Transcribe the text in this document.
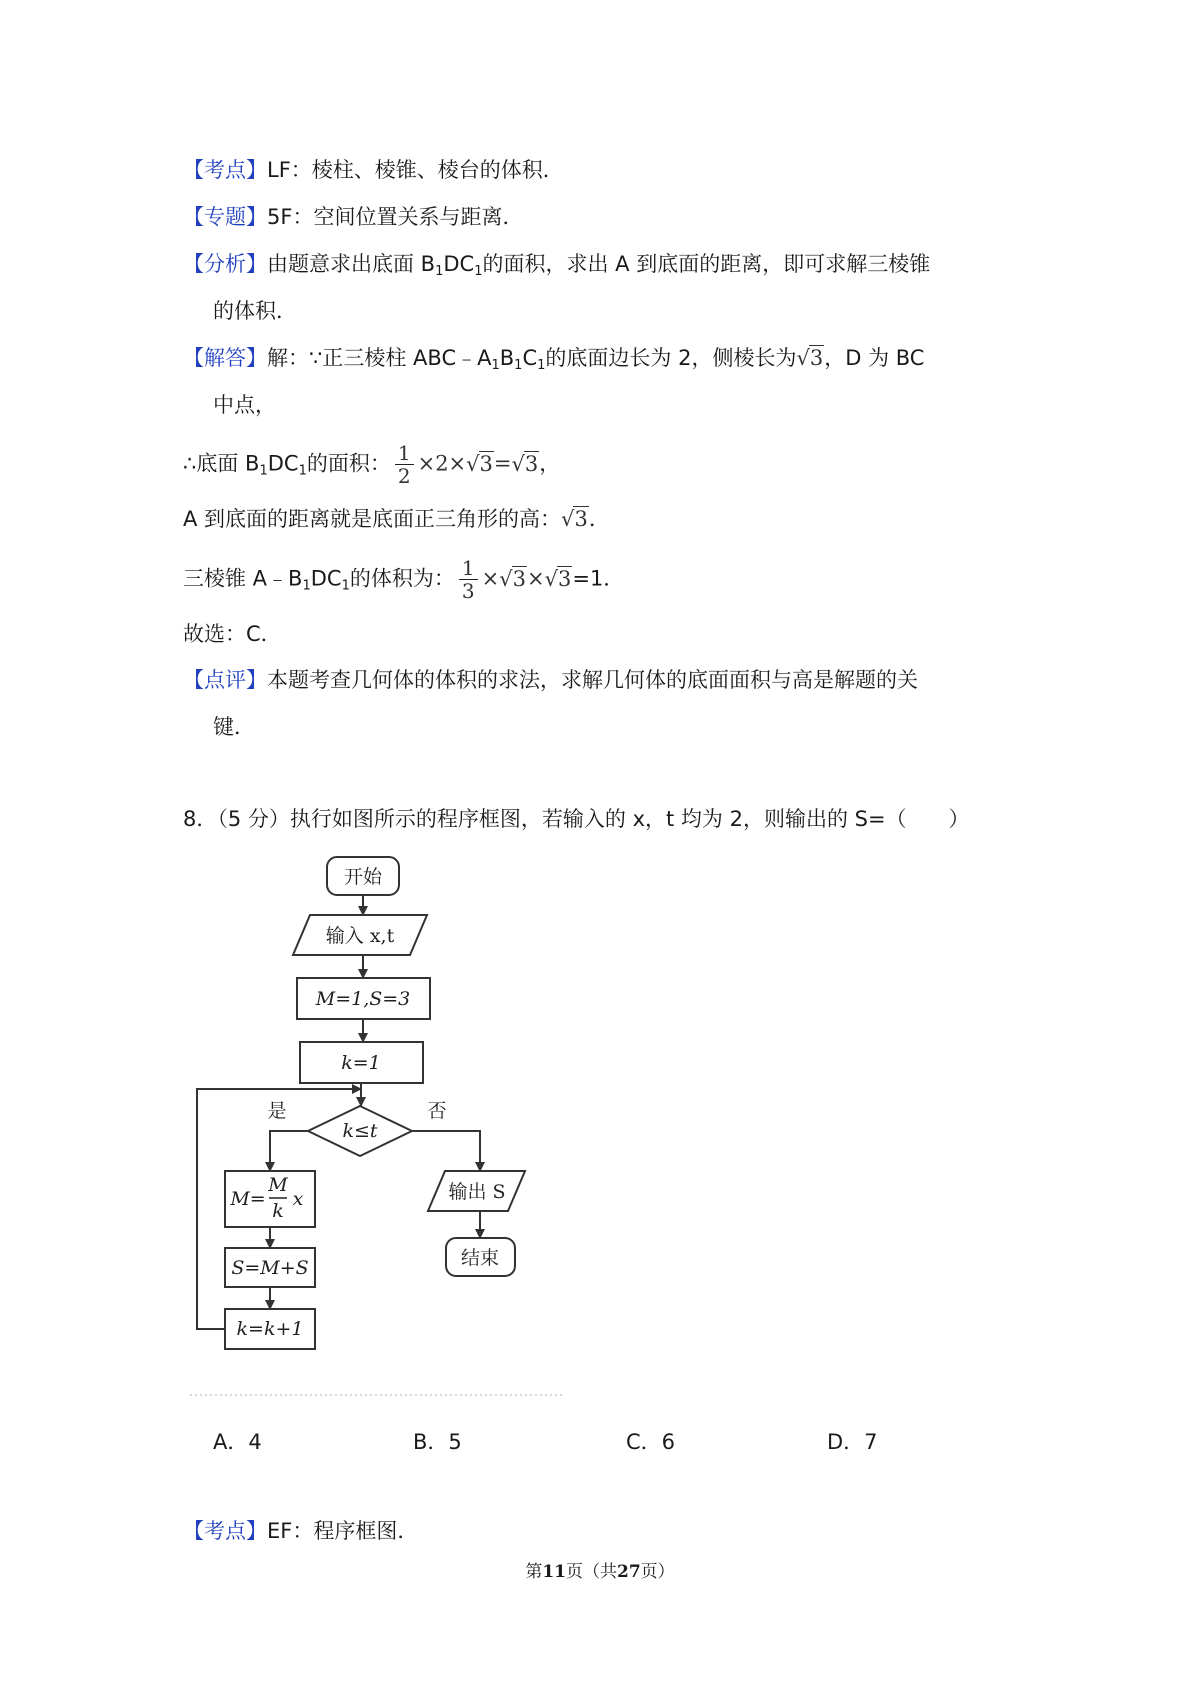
【考点】LF：棱柱、棱锥、棱台的体积．
【专题】5F：空间位置关系与距离．
【分析】由题意求出底面 $B_1DC_1$的面积，求出 A 到底面的距离，即可求解三棱锥
的体积．
【解答】解：∵正三棱柱 $ABC﹣A_1B_1C_1$的底面边长为 2，侧棱长为√3，D 为 BC
中点，
∴底面 $B_1DC_1$的面积： $\frac{1}{2} \times 2\times√3=√3$，
A 到底面的距离就是底面正三角形的高：√3．
三棱锥 $A﹣B_1DC_1$的体积为： $\frac{1}{3} \times√3\times√3=1$．
故选：C．
【点评】本题考查几何体的体积的求法，求解几何体的底面面积与高是解题的关
键．
8．（5 分）执行如图所示的程序框图，若输入的 x，t 均为 2，则输出的 S=（　　）
开始
输入 x,t
M=1,S=3
k=1
k≤t
是	否
M=
M
k
x
S=M+S
k=k+1
输出 S
结束
A．4	B．5	C．6	D．7
【考点】EF：程序框图．
第11页（共27页）
